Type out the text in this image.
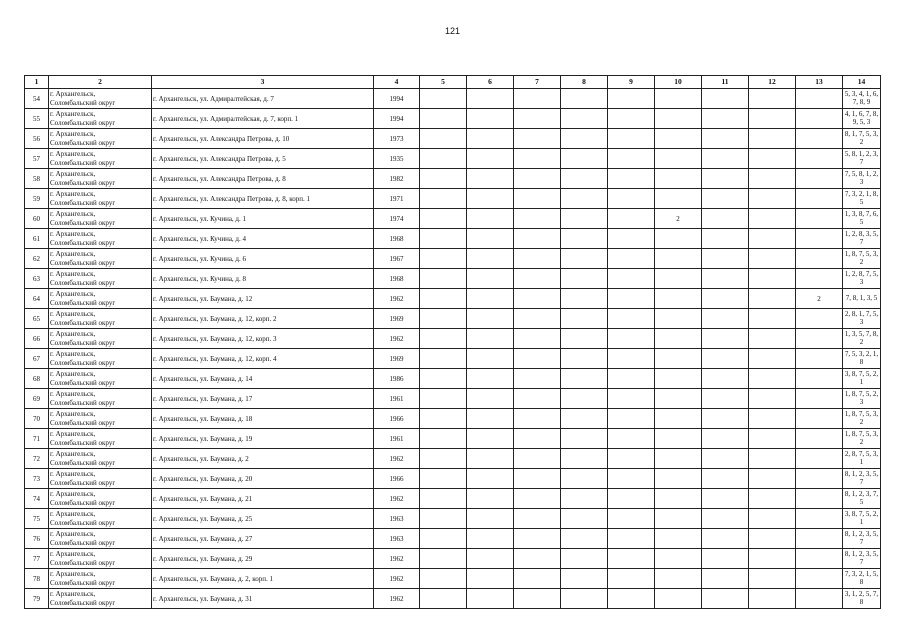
121
1	2	3	4	5	6	7	8	9	10	11	12	13	14
54	г. Архангельск,
Соломбальский округ	г. Архангельск, ул. Адмиралтейская, д. 7	1994										5, 3, 4, 1, 6, 7, 8, 9

55	г. Архангельск,
Соломбальский округ	г. Архангельск, ул. Адмиралтейская, д. 7, корп. 1	1994										4, 1, 6, 7, 8, 9, 5, 3

56	г. Архангельск,
Соломбальский округ	г. Архангельск, ул. Александра Петрова, д. 10	1973										8, 1, 7, 5, 3, 2

57	г. Архангельск,
Соломбальский округ	г. Архангельск, ул. Александра Петрова, д. 5	1935										5, 8, 1, 2, 3, 7

58	г. Архангельск,
Соломбальский округ	г. Архангельск, ул. Александра Петрова, д. 8	1982										7, 5, 8, 1, 2, 3

59	г. Архангельск,
Соломбальский округ	г. Архангельск, ул. Александра Петрова, д. 8, корп. 1	1971										7, 3, 2, 1, 8, 5

60	г. Архангельск,
Соломбальский округ	г. Архангельск, ул. Кучина, д. 1	1974						2				1, 3, 8, 7, 6, 5

61	г. Архангельск,
Соломбальский округ	г. Архангельск, ул. Кучина, д. 4	1968										1, 2, 8, 3, 5, 7

62	г. Архангельск,
Соломбальский округ	г. Архангельск, ул. Кучина, д. 6	1967										1, 8, 7, 5, 3, 2

63	г. Архангельск,
Соломбальский округ	г. Архангельск, ул. Кучина, д. 8	1968										1, 2, 8, 7, 5, 3

64	г. Архангельск,
Соломбальский округ	г. Архангельск, ул. Баумана, д. 12	1962									2	7, 8, 1, 3, 5

65	г. Архангельск,
Соломбальский округ	г. Архангельск, ул. Баумана, д. 12, корп. 2	1969										2, 8, 1, 7, 5, 3

66	г. Архангельск,
Соломбальский округ	г. Архангельск, ул. Баумана, д. 12, корп. 3	1962										1, 3, 5, 7, 8, 2

67	г. Архангельск,
Соломбальский округ	г. Архангельск, ул. Баумана, д. 12, корп. 4	1969										7, 5, 3, 2, 1, 8

68	г. Архангельск,
Соломбальский округ	г. Архангельск, ул. Баумана, д. 14	1986										3, 8, 7, 5, 2, 1

69	г. Архангельск,
Соломбальский округ	г. Архангельск, ул. Баумана, д. 17	1961										1, 8, 7, 5, 2, 3

70	г. Архангельск,
Соломбальский округ	г. Архангельск, ул. Баумана, д. 18	1966										1, 8, 7, 5, 3, 2

71	г. Архангельск,
Соломбальский округ	г. Архангельск, ул. Баумана, д. 19	1961										1, 8, 7, 5, 3, 2

72	г. Архангельск,
Соломбальский округ	г. Архангельск, ул. Баумана, д. 2	1962										2, 8, 7, 5, 3, 1

73	г. Архангельск,
Соломбальский округ	г. Архангельск, ул. Баумана, д. 20	1966										8, 1, 2, 3, 5, 7

74	г. Архангельск,
Соломбальский округ	г. Архангельск, ул. Баумана, д. 21	1962										8, 1, 2, 3, 7, 5

75	г. Архангельск,
Соломбальский округ	г. Архангельск, ул. Баумана, д. 25	1963										3, 8, 7, 5, 2, 1

76	г. Архангельск,
Соломбальский округ	г. Архангельск, ул. Баумана, д. 27	1963										8, 1, 2, 3, 5, 7

77	г. Архангельск,
Соломбальский округ	г. Архангельск, ул. Баумана, д. 29	1962										8, 1, 2, 3, 5, 7

78	г. Архангельск,
Соломбальский округ	г. Архангельск, ул. Баумана, д. 2, корп. 1	1962										7, 3, 2, 1, 5, 8

79	г. Архангельск,
Соломбальский округ	г. Архангельск, ул. Баумана, д. 31	1962										3, 1, 2, 5, 7, 8
